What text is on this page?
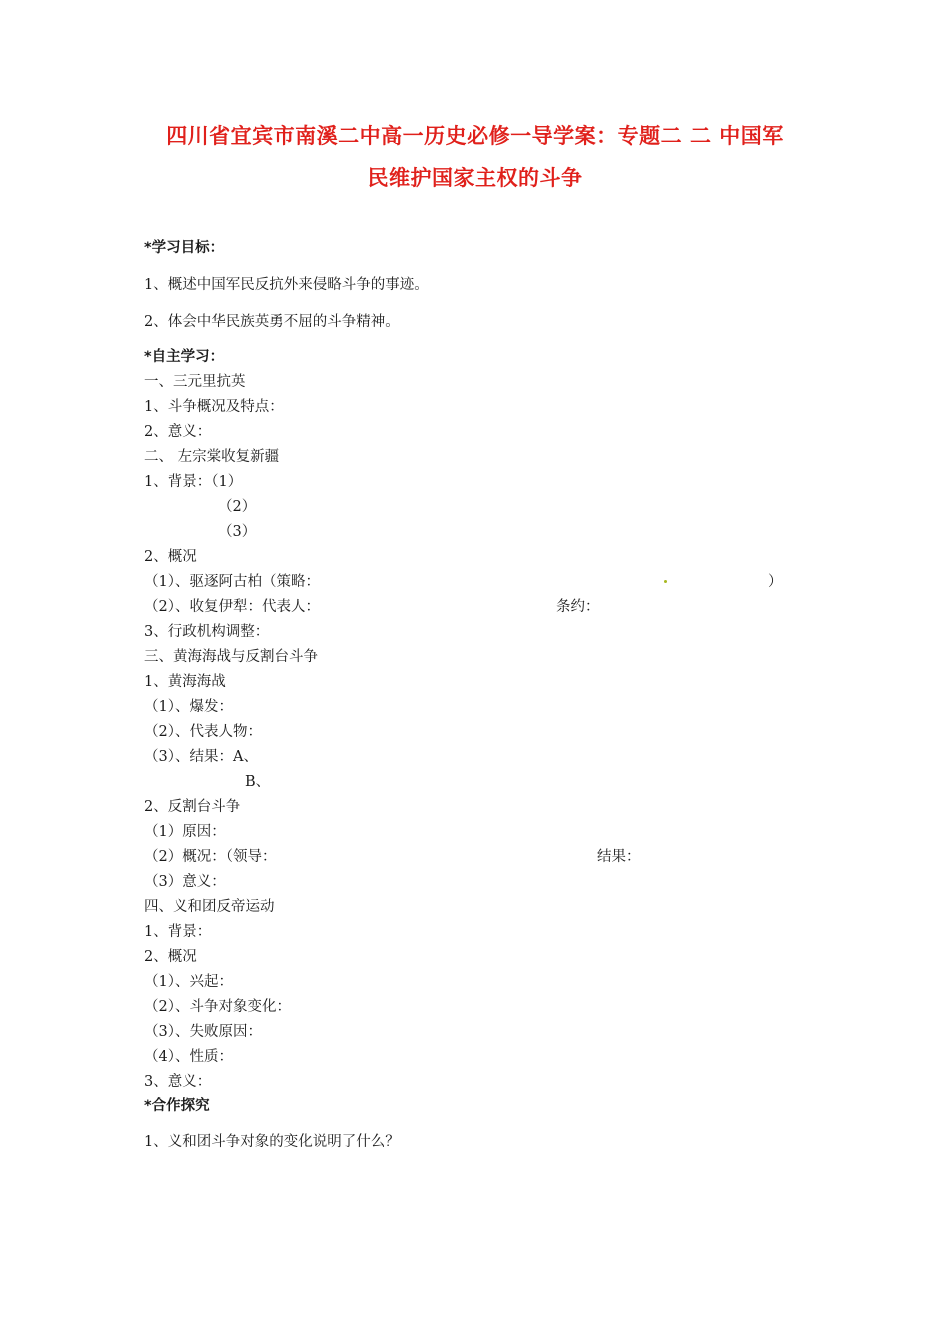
四川省宜宾市南溪二中高一历史必修一导学案：专题二 二 中国军
民维护国家主权的斗争
*学习目标：
1、概述中国军民反抗外来侵略斗争的事迹。
2、体会中华民族英勇不屈的斗争精神。
*自主学习：
一、三元里抗英
1、斗争概况及特点：
2、意义：
二、 左宗棠收复新疆
1、背景：（1）
（2）
（3）
2、概况
（1）、驱逐阿古柏（策略：	）
（2）、收复伊犁：代表人：	条约：
3、行政机构调整：
三、黄海海战与反割台斗争
1、黄海海战
（1）、爆发：
（2）、代表人物：
（3）、结果：A、
B、
2、反割台斗争
（1）原因：
（2）概况：（领导：	结果：
（3）意义：
四、义和团反帝运动
1、背景：
2、概况
（1）、兴起：
（2）、斗争对象变化：
（3）、失败原因：
（4）、性质：
3、意义：
*合作探究
1、义和团斗争对象的变化说明了什么？
